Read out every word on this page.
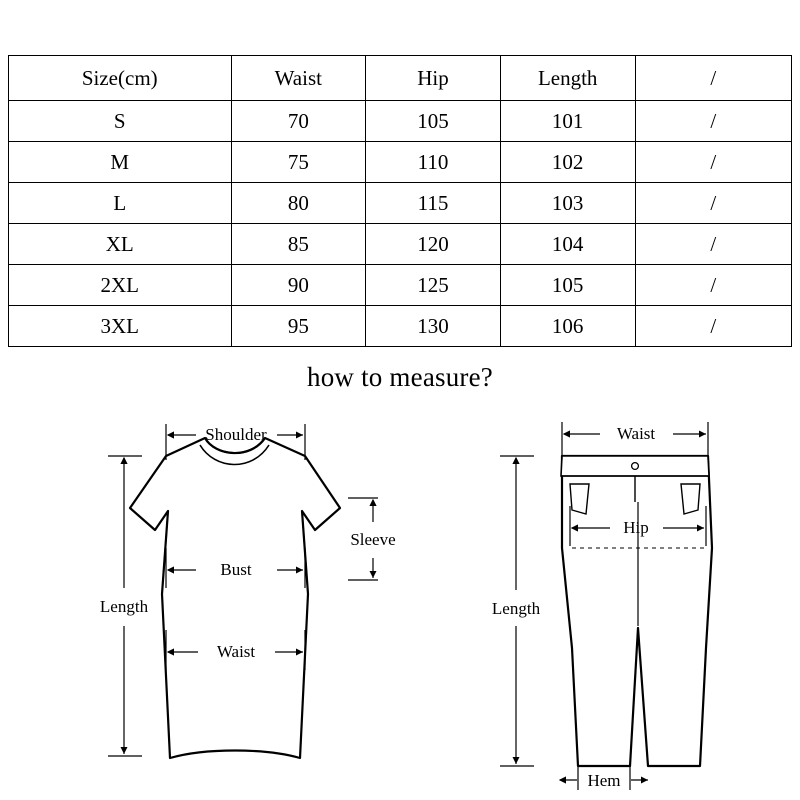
Size(cm)	Waist	Hip	Length	/
S	70	105	101	/
M	75	110	102	/
L	80	115	103	/
XL	85	120	104	/
2XL	90	125	105	/
3XL	95	130	106	/
how to measure?
Shoulder
Sleeve
Bust
Waist
Length
Waist
Hip
Length
Hem
